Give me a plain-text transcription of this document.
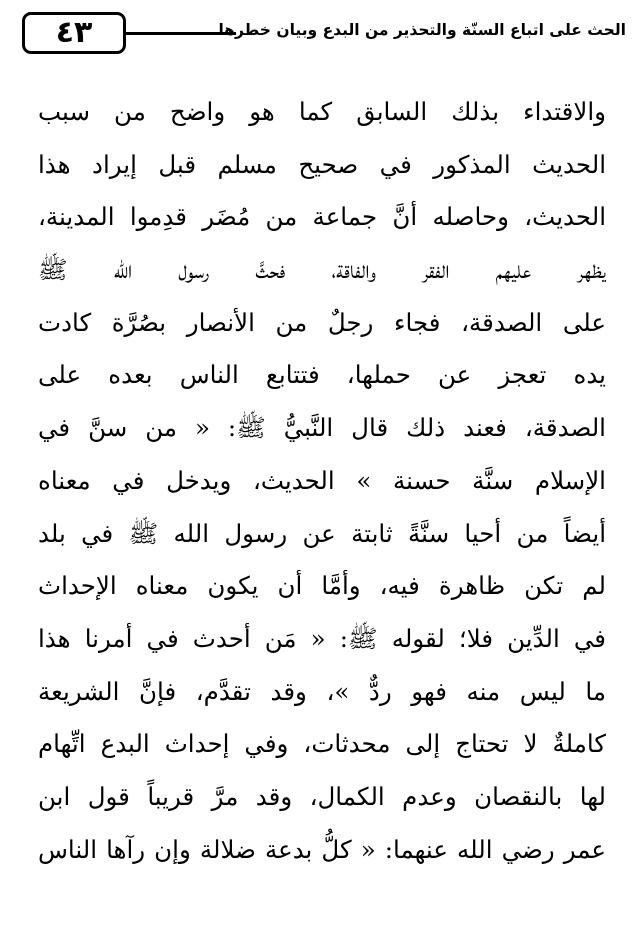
٤٣	الحث على اتباع السنّة والتحذير من البدع وبيان خطرها
والاقتداء بذلك السابق كما هو واضح من سبب
الحديث المذكور في صحيح مسلم قبل إيراد هذا
الحديث، وحاصله أنَّ جماعة من مُضَر قدِموا المدينة،
يظهر عليهم الفقر والفاقة، فحثَّ رسول الله ﷺ
على الصدقة، فجاء رجلٌ من الأنصار بصُرَّة كادت
يده تعجز عن حملها، فتتابع الناس بعده على
الصدقة، فعند ذلك قال النَّبيُّ ﷺ: « من سنَّ في
الإسلام سنَّة حسنة » الحديث، ويدخل في معناه
أيضاً من أحيا سنَّةً ثابتة عن رسول الله ﷺ في بلد
لم تكن ظاهرة فيه، وأمَّا أن يكون معناه الإحداث
في الدِّين فلا؛ لقوله ﷺ: « مَن أحدث في أمرنا هذا
ما ليس منه فهو ردٌّ »، وقد تقدَّم، فإنَّ الشريعة
كاملةٌ لا تحتاج إلى محدثات، وفي إحداث البدع اتِّهام
لها بالنقصان وعدم الكمال، وقد مرَّ قريباً قول ابن
عمر رضي الله عنهما: « كلُّ بدعة ضلالة وإن رآها الناس
